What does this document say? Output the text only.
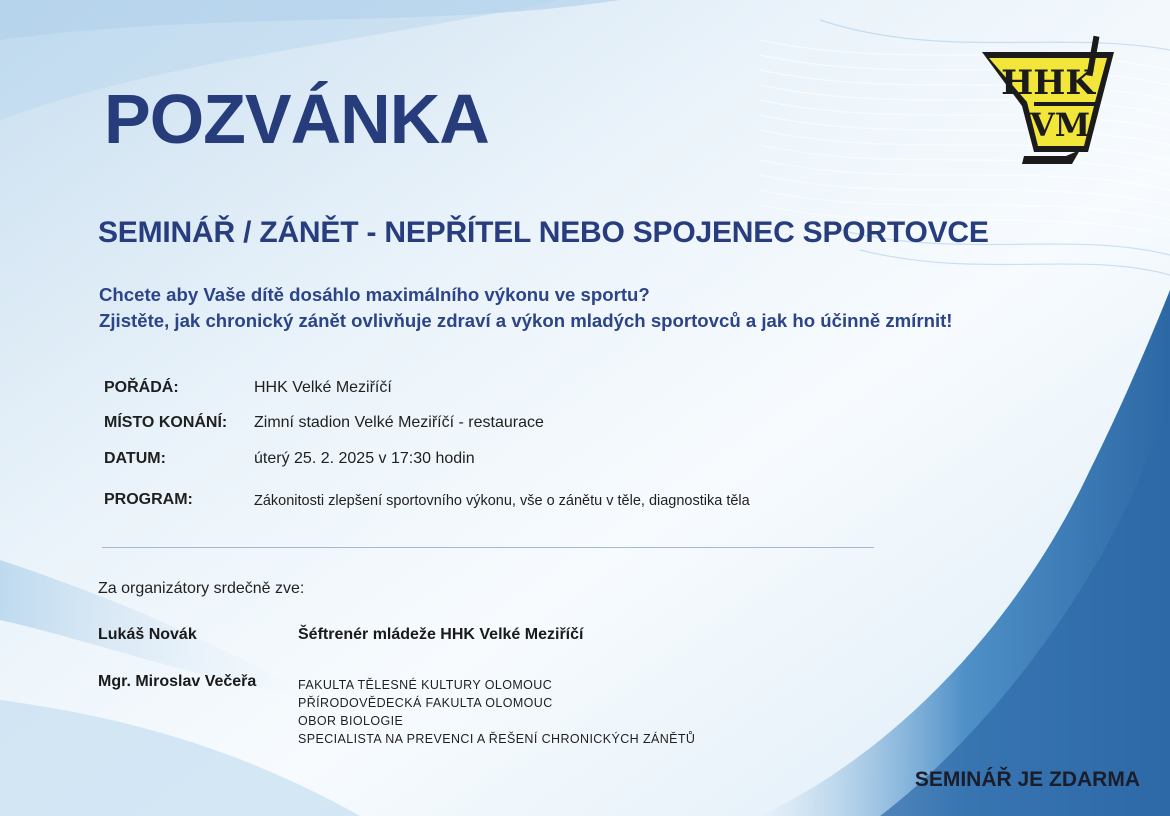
HHK
VM
POZVÁNKA
SEMINÁŘ / ZÁNĚT - NEPŘÍTEL NEBO SPOJENEC SPORTOVCE
Chcete aby Vaše dítě dosáhlo maximálního výkonu ve sportu?
Zjistěte, jak chronický zánět ovlivňuje zdraví a výkon mladých sportovců a jak ho účinně zmírnit!
POŘÁDÁ:	HHK Velké Meziříčí
MÍSTO KONÁNÍ: Zimní stadion Velké Meziříčí - restaurace
DATUM:	úterý 25. 2. 2025 v 17:30 hodin
PROGRAM:	Zákonitosti zlepšení sportovního výkonu, vše o zánětu v těle, diagnostika těla
Za organizátory srdečně zve:
Lukáš Novák	Šéftrenér mládeže HHK Velké Meziříčí
Mgr. Miroslav Večeřa	FAKULTA TĚLESNÉ KULTURY OLOMOUC
PŘÍRODOVĚDECKÁ FAKULTA OLOMOUC
OBOR BIOLOGIE
SPECIALISTA NA PREVENCI A ŘEŠENÍ CHRONICKÝCH ZÁNĚTŮ
SEMINÁŘ JE ZDARMA
